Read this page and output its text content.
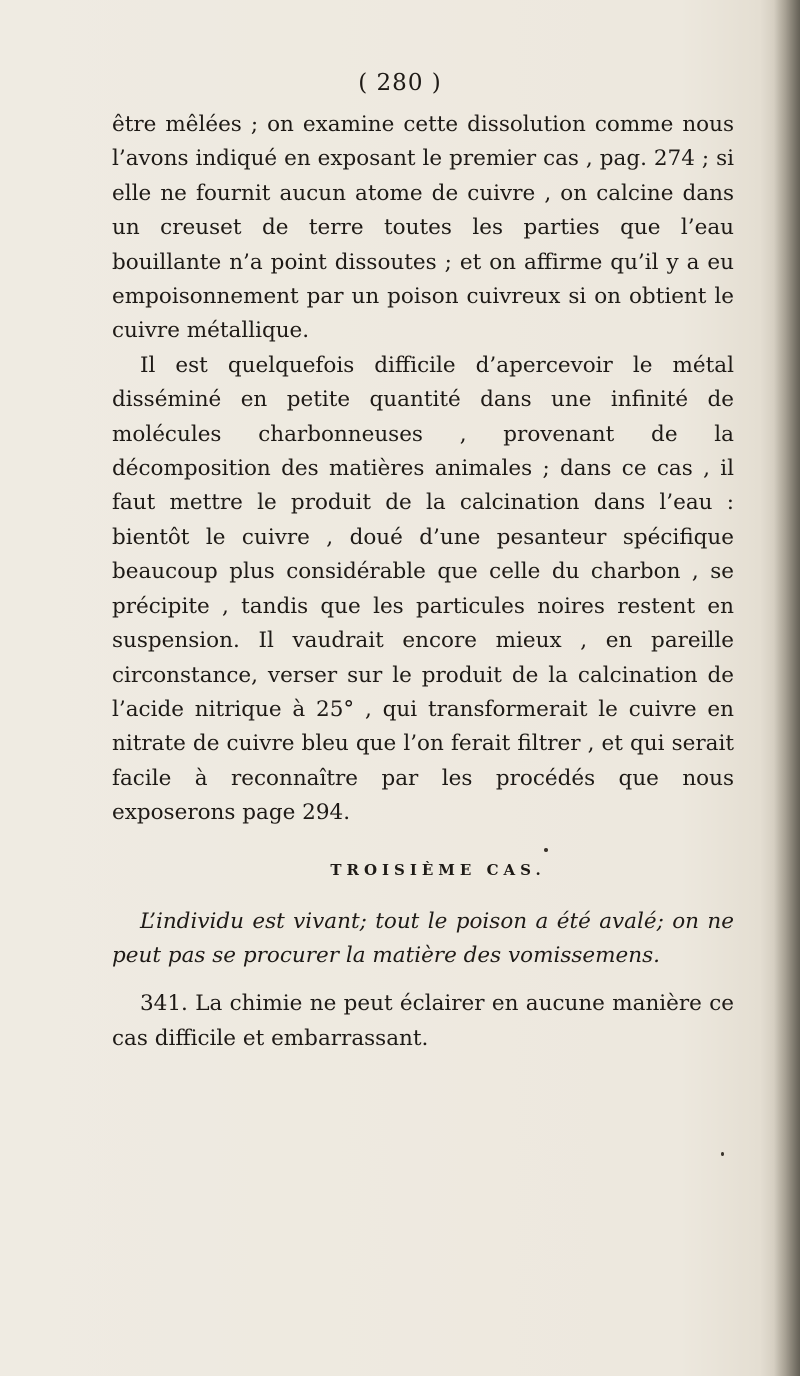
( 280 )

être mêlées ; on examine cette dissolution comme nous l’avons indiqué en exposant le premier cas , pag. 274 ; si elle ne fournit aucun atome de cuivre , on calcine dans un creuset de terre toutes les parties que l’eau bouillante n’a point dissoutes ; et on affirme qu’il y a eu empoisonnement par un poison cuivreux si on obtient le cuivre métallique.

Il est quelquefois difficile d’apercevoir le métal disséminé en petite quantité dans une infinité de molécules charbonneuses , provenant de la décomposition des matières animales ; dans ce cas , il faut mettre le produit de la calcination dans l’eau : bientôt le cuivre , doué d’une pesanteur spécifique beaucoup plus considérable que celle du charbon , se précipite , tandis que les particules noires restent en suspension. Il vaudrait encore mieux , en pareille circonstance, verser sur le produit de la calcination de l’acide nitrique à 25° , qui transformerait le cuivre en nitrate de cuivre bleu que l’on ferait filtrer , et qui serait facile à reconnaître par les procédés que nous exposerons page 294.

TROISIÈME CAS.

L’individu est vivant; tout le poison a été avalé; on ne peut pas se procurer la matière des vomissemens.

341. La chimie ne peut éclairer en aucune manière ce cas difficile et embarrassant.
